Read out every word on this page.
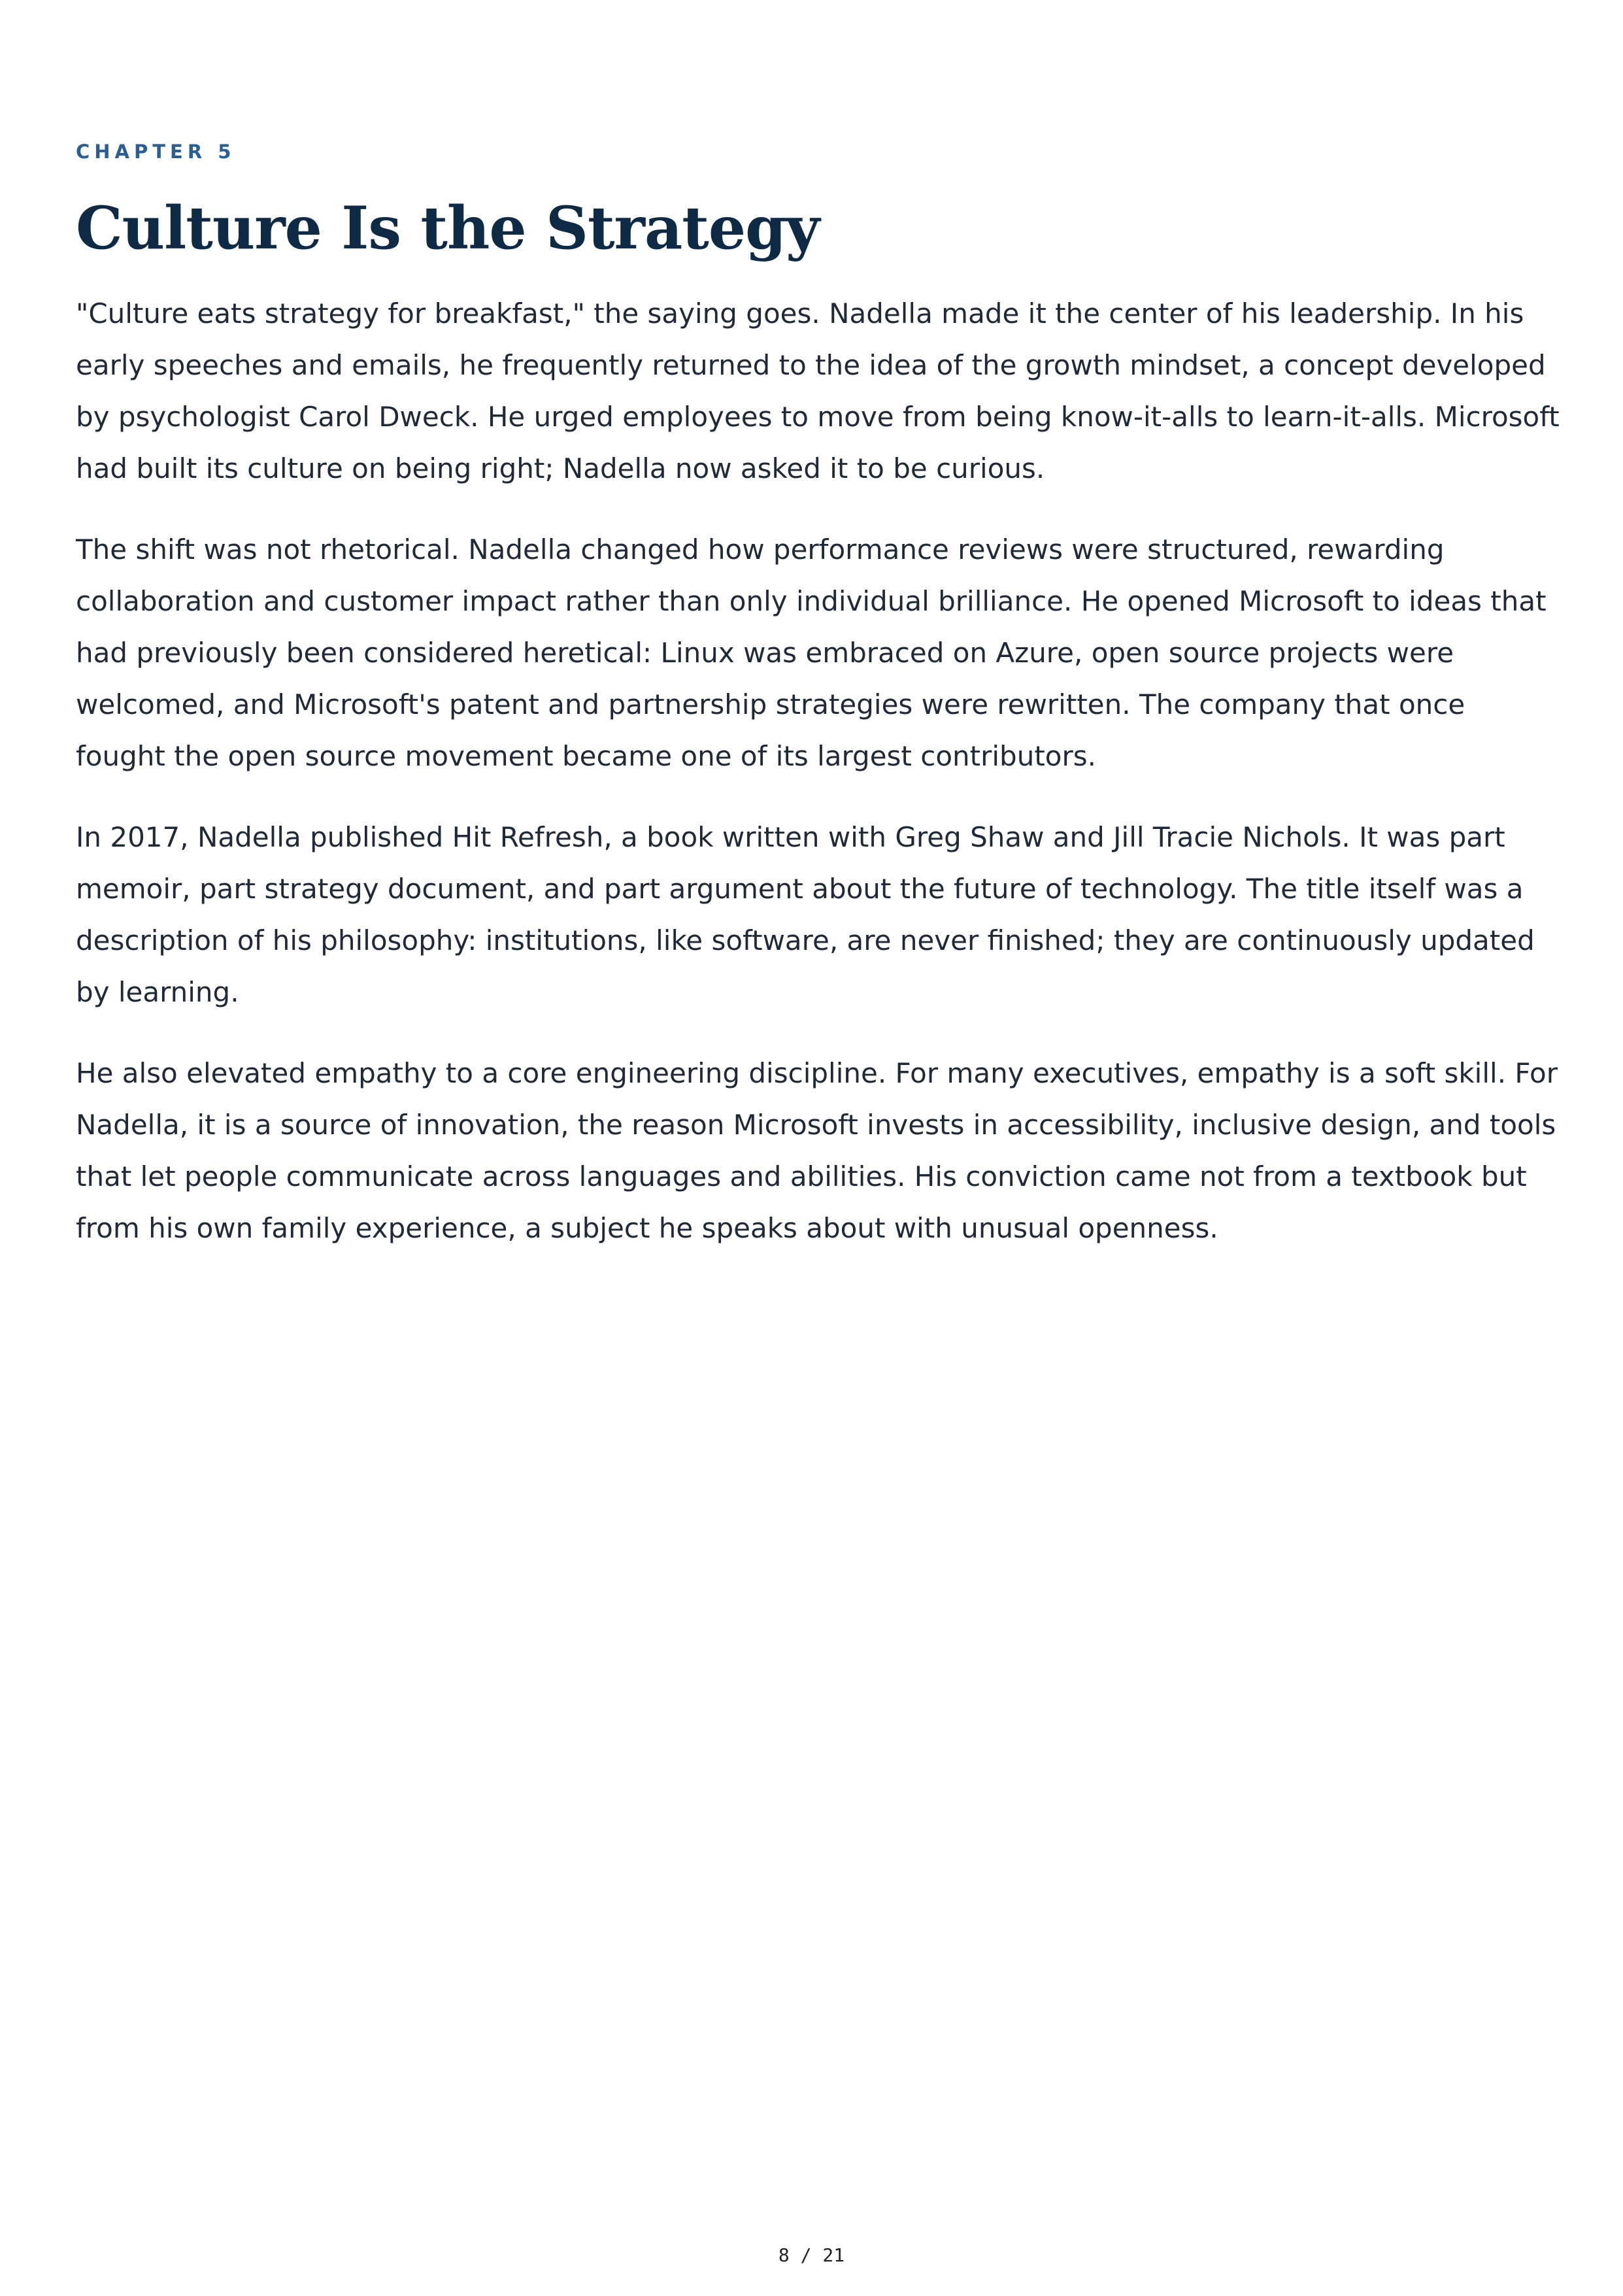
CHAPTER 5

Culture Is the Strategy

"Culture eats strategy for breakfast," the saying goes. Nadella made it the center of his leadership. In his early speeches and emails, he frequently returned to the idea of the growth mindset, a concept developed by psychologist Carol Dweck. He urged employees to move from being know-it-alls to learn-it-alls. Microsoft had built its culture on being right; Nadella now asked it to be curious.

The shift was not rhetorical. Nadella changed how performance reviews were structured, rewarding collaboration and customer impact rather than only individual brilliance. He opened Microsoft to ideas that had previously been considered heretical: Linux was embraced on Azure, open source projects were welcomed, and Microsoft's patent and partnership strategies were rewritten. The company that once fought the open source movement became one of its largest contributors.

In 2017, Nadella published Hit Refresh, a book written with Greg Shaw and Jill Tracie Nichols. It was part memoir, part strategy document, and part argument about the future of technology. The title itself was a description of his philosophy: institutions, like software, are never finished; they are continuously updated by learning.

He also elevated empathy to a core engineering discipline. For many executives, empathy is a soft skill. For Nadella, it is a source of innovation, the reason Microsoft invests in accessibility, inclusive design, and tools that let people communicate across languages and abilities. His conviction came not from a textbook but from his own family experience, a subject he speaks about with unusual openness.

8 / 21
